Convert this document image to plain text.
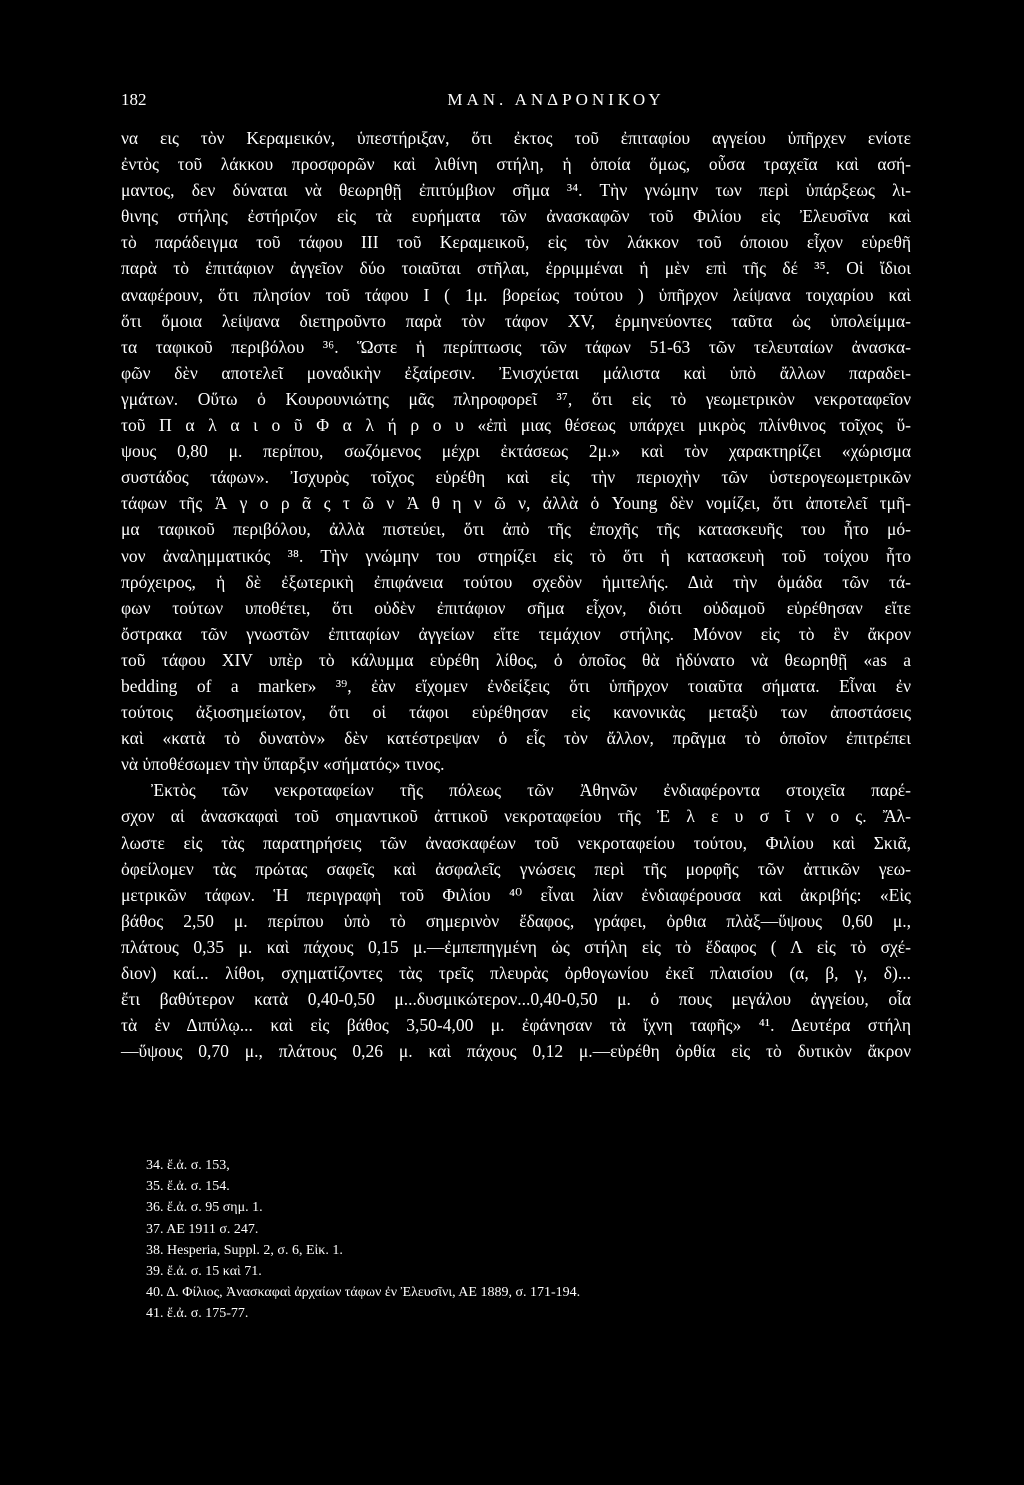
182	ΜΑΝ. ΑΝΔΡΟΝΙΚΟΥ
να εις τὸν Κεραμεικόν, ὑπεστήριξαν, ὅτι ἐκτος τοῦ ἐπιταφίου αγγείου ὑπῆρχεν ενίοτε
ἐντὸς τοῦ λάκκου προσφορῶν καὶ λιθίνη στήλη, ἡ ὁποία ὅμως, οὖσα τραχεῖα καὶ ασή-
μαντος, δεν δύναται νὰ θεωρηθῇ ἐπιτύμβιον σῆμα ³⁴. Τὴν γνώμην των περὶ ὑπάρξεως λι-
θινης στήλης ἐστήριζον εἰς τὰ ευρήματα τῶν ἀνασκαφῶν τοῦ Φιλίου εἰς Ἐλευσῖνα καὶ
τὸ παράδειγμα τοῦ τάφου III τοῦ Κεραμεικοῦ, εἰς τὸν λάκκον τοῦ όποιου εἶχον εὑρεθῆ
παρὰ τὸ ἐπιτάφιον ἀγγεῖον δύο τοιαῦται στῆλαι, ἐρριμμέναι ἡ μὲν επὶ τῆς δέ ³⁵. Οἱ ἴδιοι
αναφέρουν, ὅτι πλησίον τοῦ τάφου I ( 1μ. βορείως τούτου ) ὑπῆρχον λείψανα τοιχαρίου καὶ
ὅτι ὅμοια λείψανα διετηροῦντο παρὰ τὸν τάφον XV, ἑρμηνεύοντες ταῦτα ὡς ὑπολείμμα-
τα ταφικοῦ περιβόλου ³⁶. Ὥστε ἡ περίπτωσις τῶν τάφων 51-63 τῶν τελευταίων ἀνασκα-
φῶν δὲν αποτελεῖ μοναδικὴν ἐξαίρεσιν. Ἐνισχύεται μάλιστα καὶ ὑπὸ ἄλλων παραδει-
γμάτων. Οὕτω ὁ Κουρουνιώτης μᾶς πληροφορεῖ ³⁷, ὅτι εἰς τὸ γεωμετρικὸν νεκροταφεῖον
τοῦ Π α λ α ι ο ῦ Φ α λ ή ρ ο υ «ἐπὶ μιας θέσεως υπάρχει μικρὸς πλίνθινος τοῖχος ὕ-
ψους 0,80 μ. περίπου, σωζόμενος μέχρι ἐκτάσεως 2μ.» καὶ τὸν χαρακτηρίζει «χώρισμα
συστάδος τάφων». Ἰσχυρὸς τοῖχος εὑρέθη καὶ εἰς τὴν περιοχὴν τῶν ὑστερογεωμετρικῶν
τάφων τῆς Ἀ γ ο ρ ᾶ ς τ ῶ ν Ἀ θ η ν ῶ ν, ἀλλὰ ὁ Young δὲν νομίζει, ὅτι ἀποτελεῖ τμῆ-
μα ταφικοῦ περιβόλου, ἀλλὰ πιστεύει, ὅτι ἀπὸ τῆς ἐποχῆς τῆς κατασκευῆς του ἦτο μό-
νον ἀναλημματικός ³⁸. Τὴν γνώμην του στηρίζει εἰς τὸ ὅτι ἡ κατασκευὴ τοῦ τοίχου ἦτο
πρόχειρος, ἡ δὲ ἐξωτερικὴ ἐπιφάνεια τούτου σχεδὸν ἡμιτελής. Διὰ τὴν ὁμάδα τῶν τά-
φων τούτων υποθέτει, ὅτι οὐδὲν ἐπιτάφιον σῆμα εἶχον, διότι οὐδαμοῦ εὑρέθησαν εἴτε
ὄστρακα τῶν γνωστῶν ἐπιταφίων ἀγγείων εἴτε τεμάχιον στήλης. Μόνον εἰς τὸ ἓν ἄκρον
τοῦ τάφου XIV υπὲρ τὸ κάλυμμα εὑρέθη λίθος, ὁ ὁποῖος θὰ ἠδύνατο νὰ θεωρηθῇ «as a
bedding of a marker» ³⁹, ἐὰν εἴχομεν ἐνδείξεις ὅτι ὑπῆρχον τοιαῦτα σήματα. Εἶναι ἐν
τούτοις ἀξιοσημείωτον, ὅτι οἱ τάφοι εὑρέθησαν εἰς κανονικὰς μεταξὺ των ἀποστάσεις
καὶ «κατὰ τὸ δυνατὸν» δὲν κατέστρεψαν ὁ εἷς τὸν ἄλλον, πρᾶγμα τὸ ὁποῖον ἐπιτρέπει
νὰ ὑποθέσωμεν τὴν ὕπαρξιν «σήματός» τινος.
Ἐκτὸς τῶν νεκροταφείων τῆς πόλεως τῶν Ἀθηνῶν ἐνδιαφέροντα στοιχεῖα παρέ-
σχον αἱ ἀνασκαφαὶ τοῦ σημαντικοῦ ἀττικοῦ νεκροταφείου τῆς Ἐ λ ε υ σ ῖ ν ο ς. Ἄλ-
λωστε εἰς τὰς παρατηρήσεις τῶν ἀνασκαφέων τοῦ νεκροταφείου τούτου, Φιλίου καὶ Σκιᾶ,
ὀφείλομεν τὰς πρώτας σαφεῖς καὶ ἀσφαλεῖς γνώσεις περὶ τῆς μορφῆς τῶν ἀττικῶν γεω-
μετρικῶν τάφων. Ἡ περιγραφὴ τοῦ Φιλίου ⁴⁰ εἶναι λίαν ἐνδιαφέρουσα καὶ ἀκριβής: «Εἰς
βάθος 2,50 μ. περίπου ὑπὸ τὸ σημερινὸν ἔδαφος, γράφει, ὀρθια πλὰξ—ὕψους 0,60 μ.,
πλάτους 0,35 μ. καὶ πάχους 0,15 μ.—ἐμπεπηγμένη ὡς στήλη εἰς τὸ ἔδαφος ( Λ εἰς τὸ σχέ-
διον) καί... λίθοι, σχηματίζοντες τὰς τρεῖς πλευρὰς ὀρθογωνίου ἐκεῖ πλαισίου (α, β, γ, δ)...
ἔτι βαθύτερον κατὰ 0,40-0,50 μ...δυσμικώτερον...0,40-0,50 μ. ὁ πους μεγάλου ἀγγείου, οἷα
τὰ ἐν Διπύλῳ... καὶ εἰς βάθος 3,50-4,00 μ. ἐφάνησαν τὰ ἴχνη ταφῆς» ⁴¹. Δευτέρα στήλη
—ὕψους 0,70 μ., πλάτους 0,26 μ. καὶ πάχους 0,12 μ.—εὑρέθη ὀρθία εἰς τὸ δυτικὸν ἄκρον
34. ἔ.ἀ. σ. 153,
35. ἔ.ἀ. σ. 154.
36. ἔ.ἀ. σ. 95 σημ. 1.
37. ΑΕ 1911 σ. 247.
38. Hesperia, Suppl. 2, σ. 6, Εἰκ. 1.
39. ἔ.ἀ. σ. 15 καὶ 71.
40. Δ. Φίλιος, Ἀνασκαφαὶ ἀρχαίων τάφων ἐν Ἐλευσῖνι, ΑΕ 1889, σ. 171-194.
41. ἔ.ἀ. σ. 175-77.
